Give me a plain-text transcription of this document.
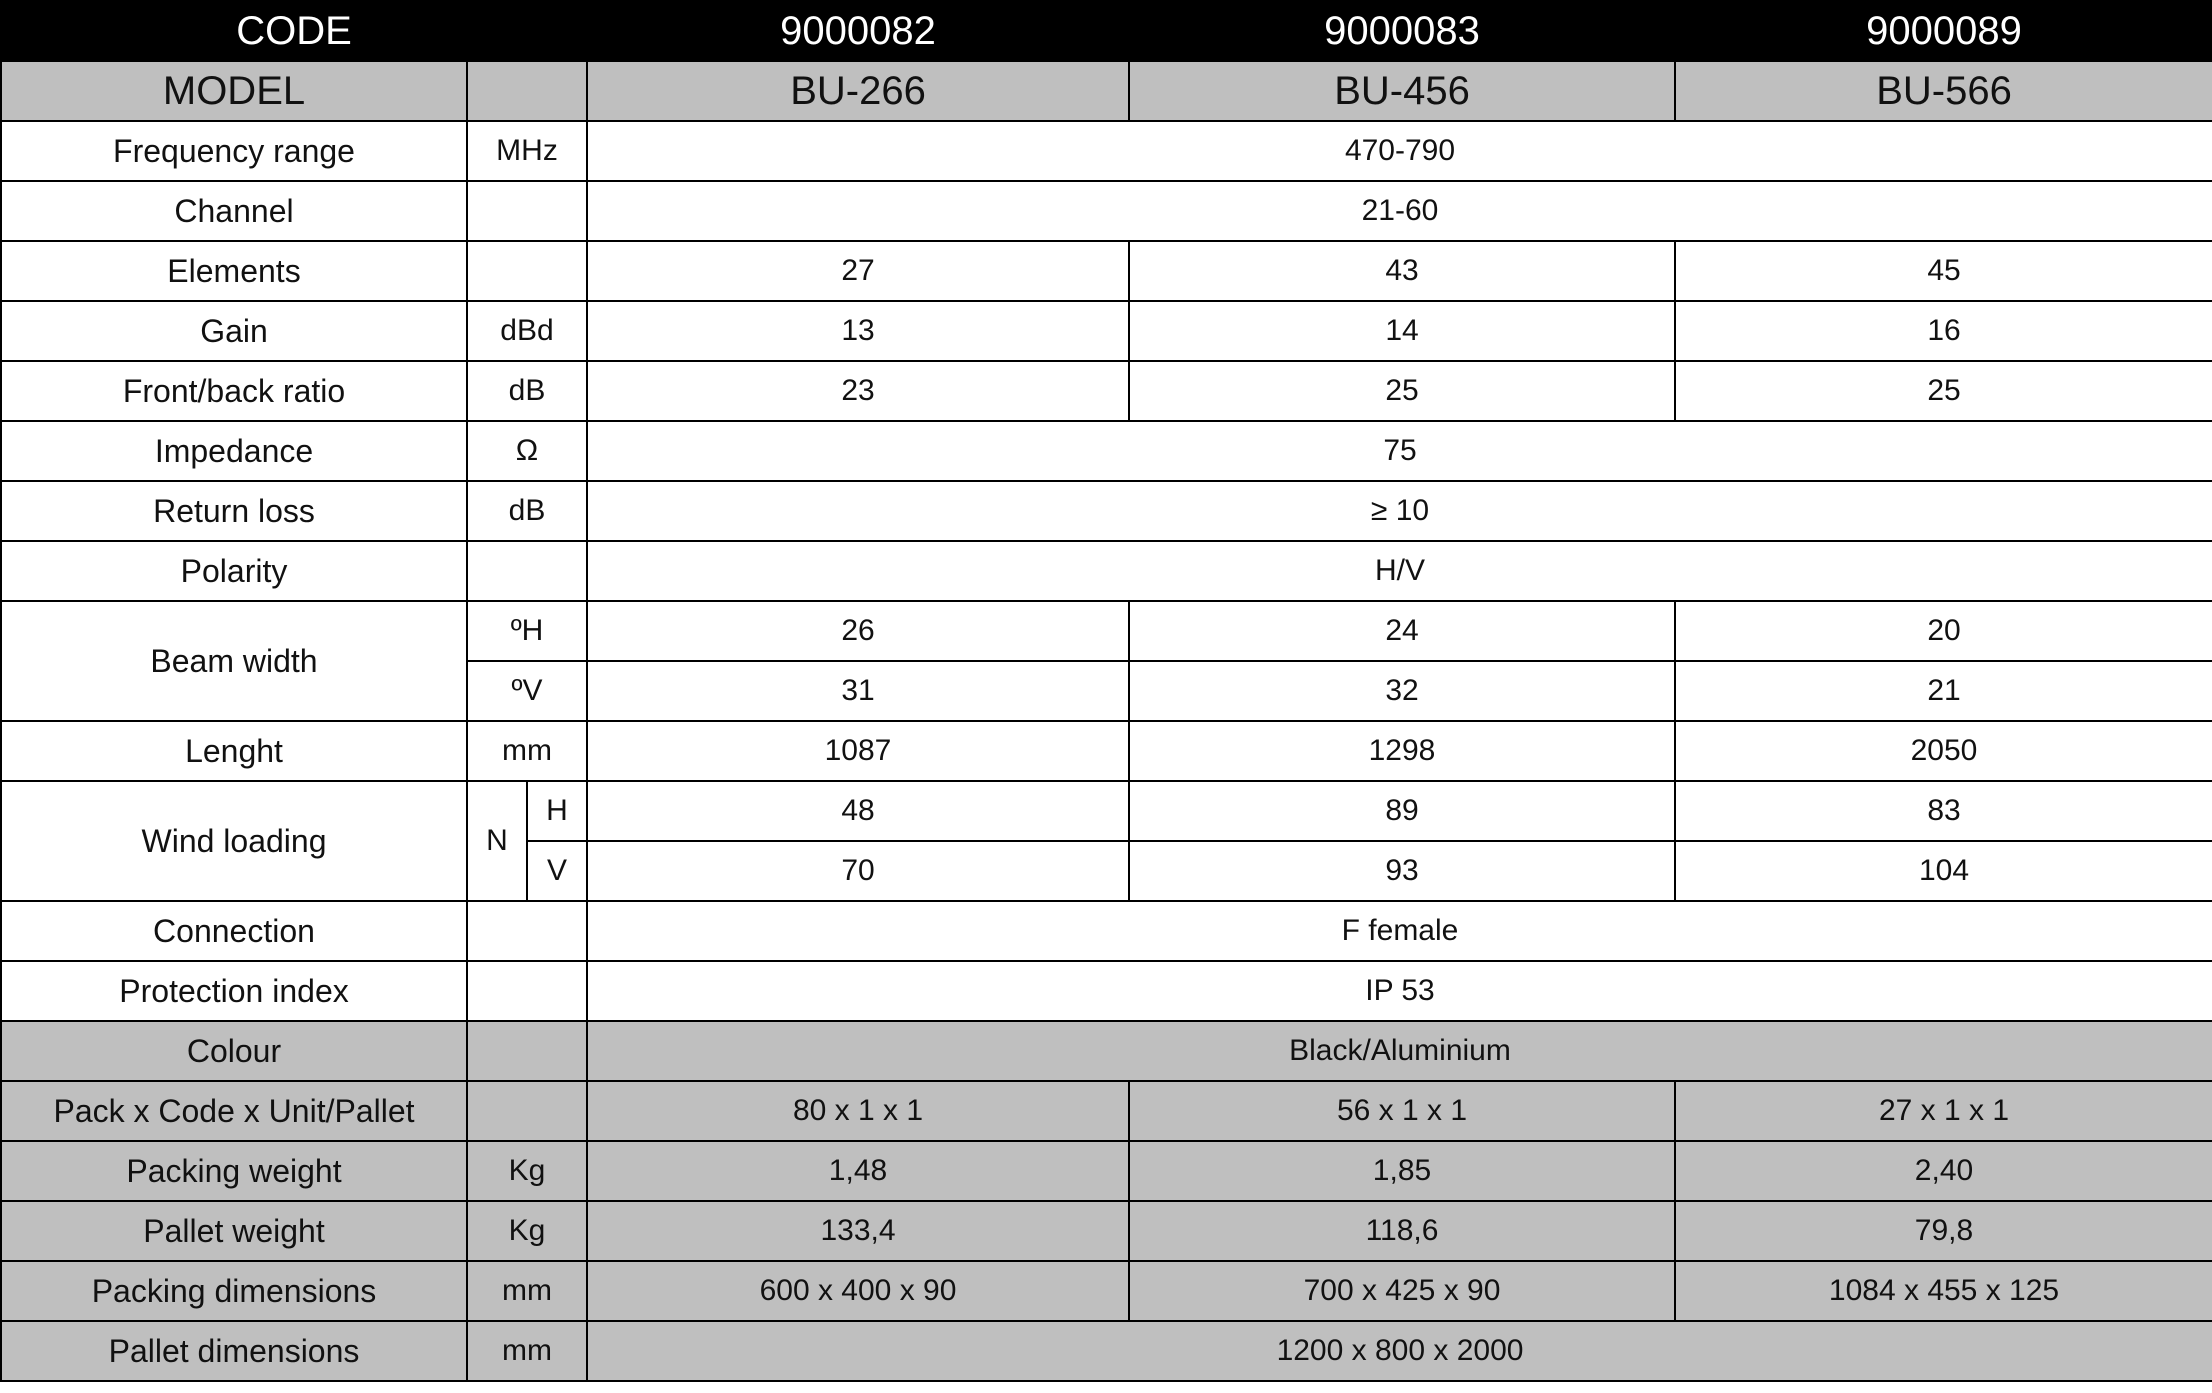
CODE			9000082	9000083	9000089
MODEL			BU-266	BU-456	BU-566
Frequency range	MHz		470-790		
Channel			21-60		
Elements			27	43	45
Gain	dBd		13	14	16
Front/back ratio	dB		23	25	25
Impedance	Ω		75		
Return loss	dB		≥ 10		
Polarity			H/V		
Beam width	ºH		26	24	20
	ºV		31	32	21
Lenght	mm		1087	1298	2050
Wind loading	N	H	48	89	83
		V	70	93	104
Connection			F female		
Protection index			IP 53		
Colour			Black/Aluminium		
Pack x Code x Unit/Pallet			80 x 1 x 1	56 x 1 x 1	27 x 1 x 1
Packing weight	Kg		1,48	1,85	2,40
Pallet weight	Kg		133,4	118,6	79,8
Packing dimensions	mm		600 x 400 x 90	700 x 425 x 90	1084 x 455 x 125
Pallet dimensions	mm		1200 x 800 x 2000		
